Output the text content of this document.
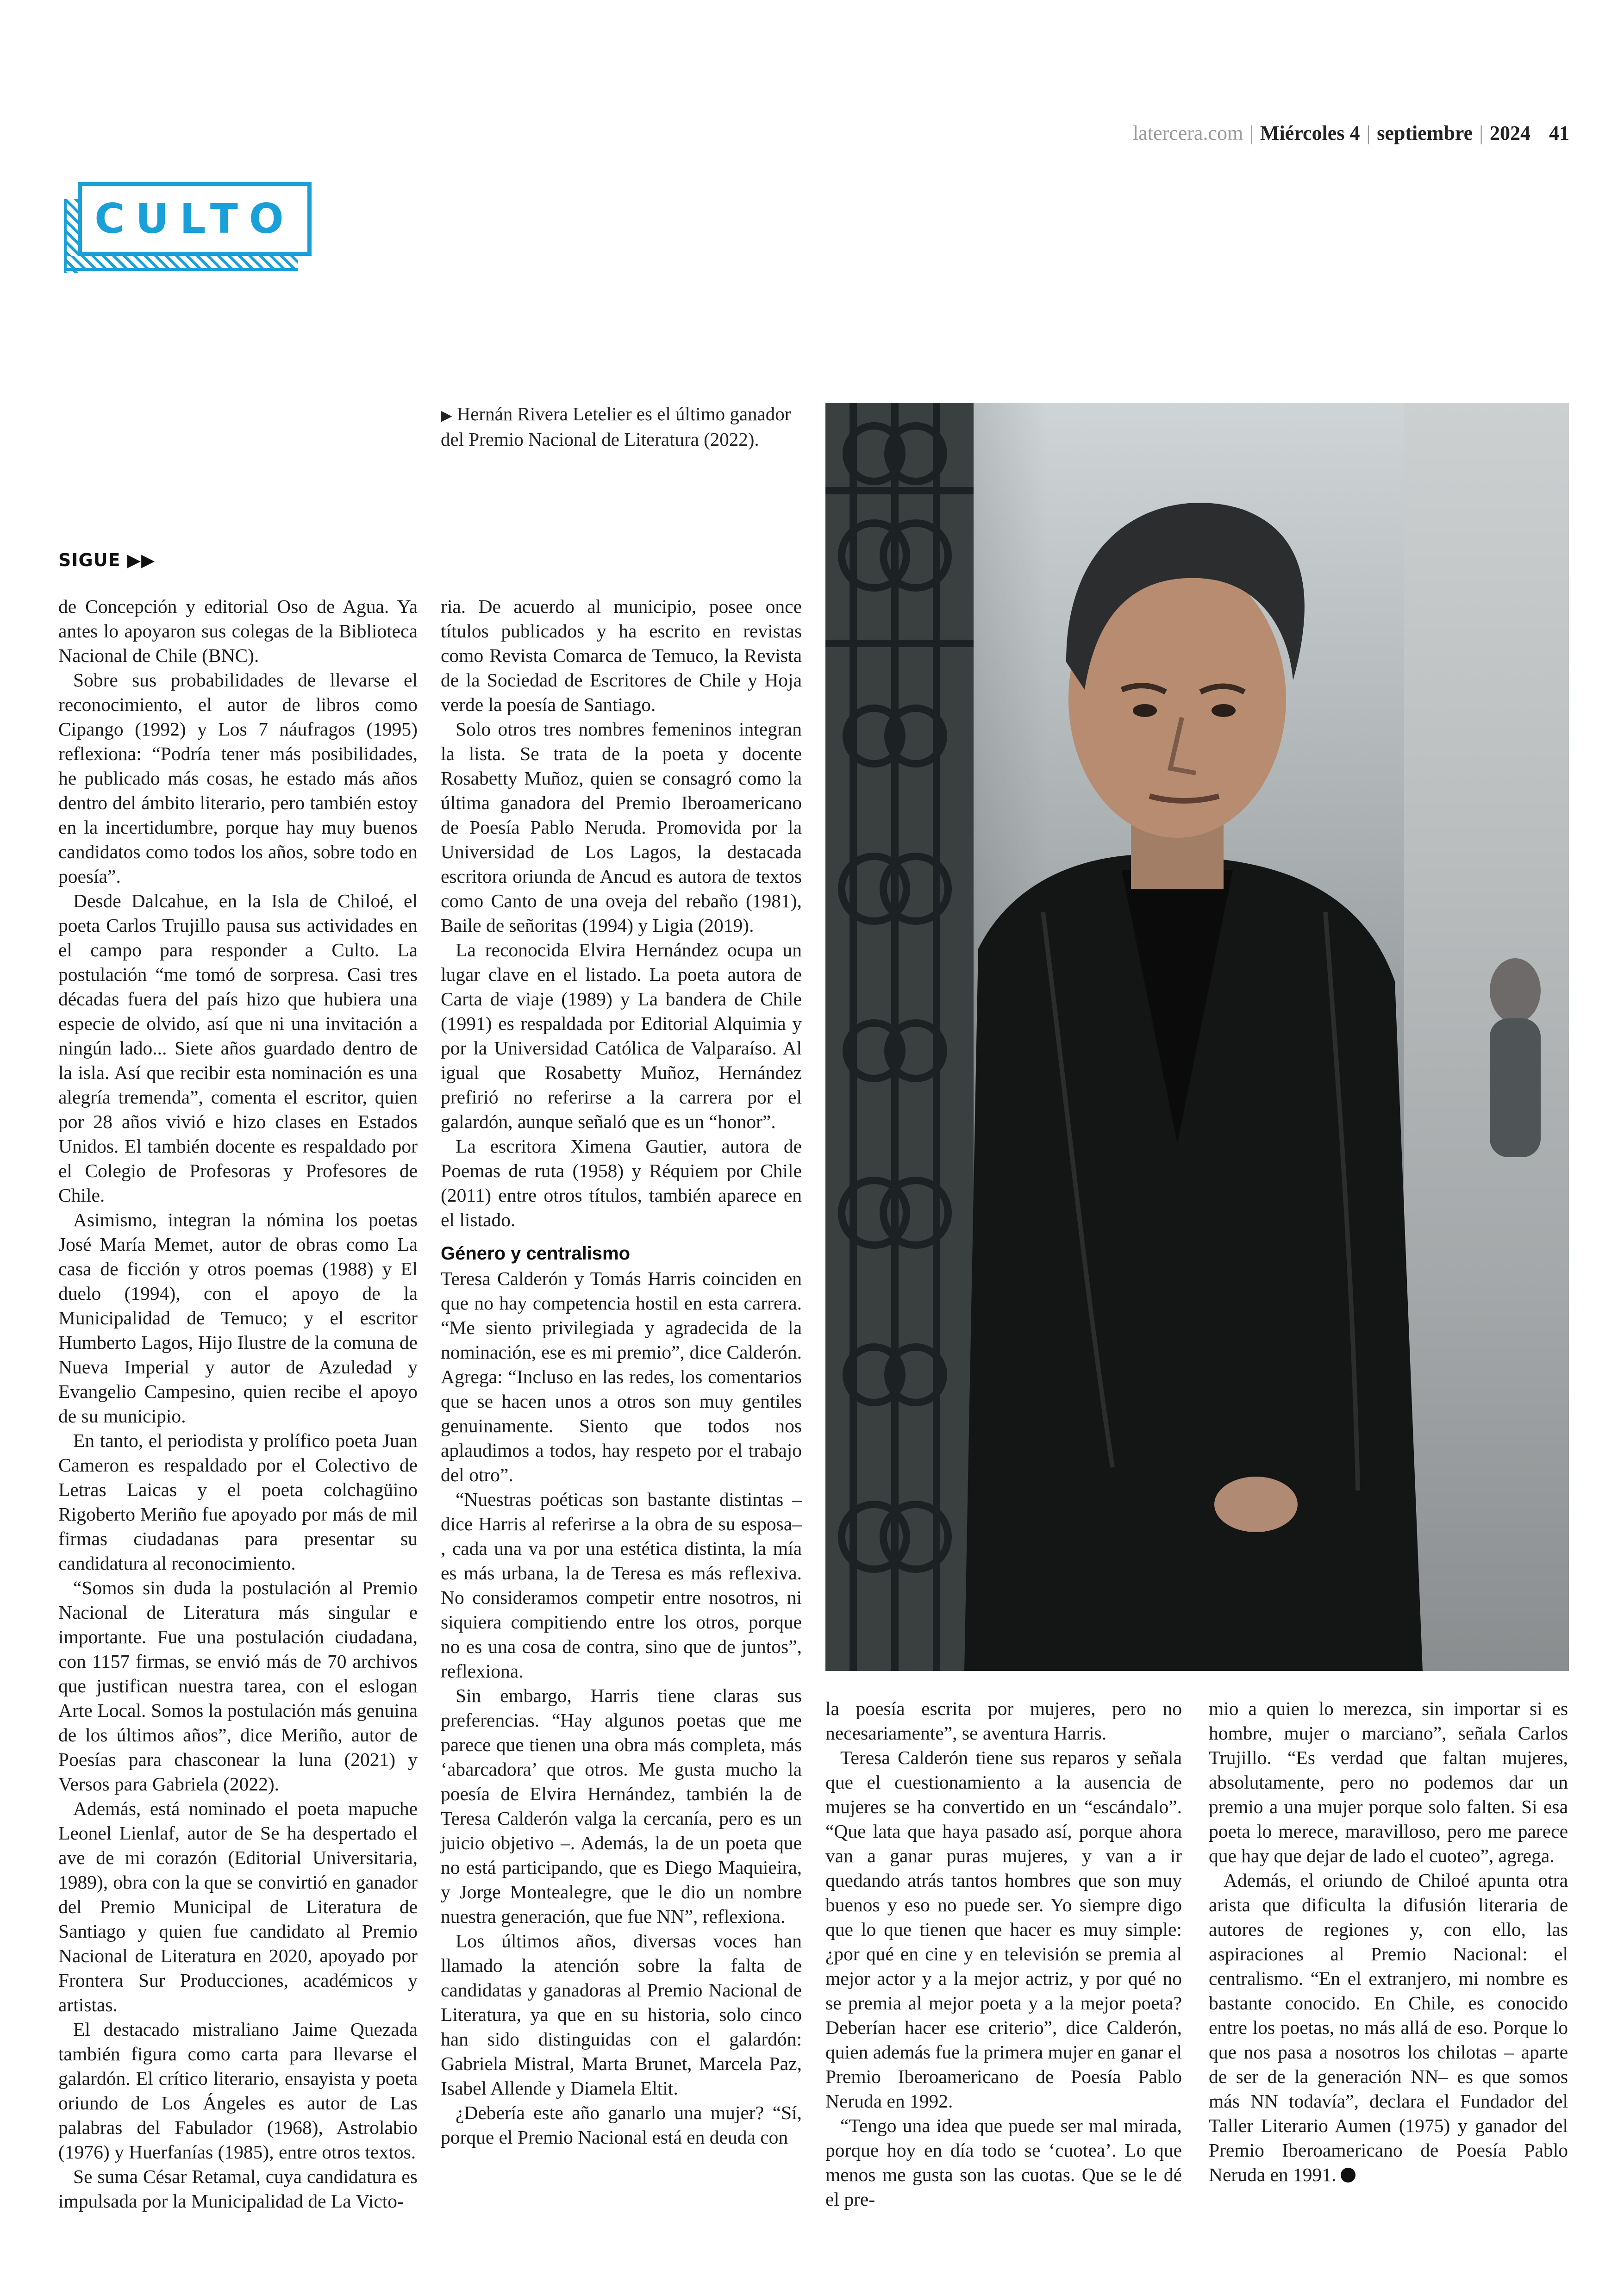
latercera.com | Miércoles 4 | septiembre | 2024 41
CULTO
▶ Hernán Rivera Letelier es el último ganador del Premio Nacional de Literatura (2022).
SIGUE ▶▶

de Concepción y editorial Oso de Agua. Ya antes lo apoyaron sus colegas de la Biblioteca Nacional de Chile (BNC).

Sobre sus probabilidades de llevarse el reconocimiento, el autor de libros como Cipango (1992) y Los 7 náufragos (1995) reflexiona: “Podría tener más posibilidades, he publicado más cosas, he estado más años dentro del ámbito literario, pero también estoy en la incertidumbre, porque hay muy buenos candidatos como todos los años, sobre todo en poesía”.

Desde Dalcahue, en la Isla de Chiloé, el poeta Carlos Trujillo pausa sus actividades en el campo para responder a Culto. La postulación “me tomó de sorpresa. Casi tres décadas fuera del país hizo que hubiera una especie de olvido, así que ni una invitación a ningún lado... Siete años guardado dentro de la isla. Así que recibir esta nominación es una alegría tremenda”, comenta el escritor, quien por 28 años vivió e hizo clases en Estados Unidos. El también docente es respaldado por el Colegio de Profesoras y Profesores de Chile.

Asimismo, integran la nómina los poetas José María Memet, autor de obras como La casa de ficción y otros poemas (1988) y El duelo (1994), con el apoyo de la Municipalidad de Temuco; y el escritor Humberto Lagos, Hijo Ilustre de la comuna de Nueva Imperial y autor de Azuledad y Evangelio Campesino, quien recibe el apoyo de su municipio.

En tanto, el periodista y prolífico poeta Juan Cameron es respaldado por el Colectivo de Letras Laicas y el poeta colchagüino Rigoberto Meriño fue apoyado por más de mil firmas ciudadanas para presentar su candidatura al reconocimiento.

“Somos sin duda la postulación al Premio Nacional de Literatura más singular e importante. Fue una postulación ciudadana, con 1157 firmas, se envió más de 70 archivos que justifican nuestra tarea, con el eslogan Arte Local. Somos la postulación más genuina de los últimos años”, dice Meriño, autor de Poesías para chasconear la luna (2021) y Versos para Gabriela (2022).

Además, está nominado el poeta mapuche Leonel Lienlaf, autor de Se ha despertado el ave de mi corazón (Editorial Universitaria, 1989), obra con la que se convirtió en ganador del Premio Municipal de Literatura de Santiago y quien fue candidato al Premio Nacional de Literatura en 2020, apoyado por Frontera Sur Producciones, académicos y artistas.

El destacado mistraliano Jaime Quezada también figura como carta para llevarse el galardón. El crítico literario, ensayista y poeta oriundo de Los Ángeles es autor de Las palabras del Fabulador (1968), Astrolabio (1976) y Huerfanías (1985), entre otros textos.

Se suma César Retamal, cuya candidatura es impulsada por la Municipalidad de La Victo-

ria. De acuerdo al municipio, posee once títulos publicados y ha escrito en revistas como Revista Comarca de Temuco, la Revista de la Sociedad de Escritores de Chile y Hoja verde la poesía de Santiago.

Solo otros tres nombres femeninos integran la lista. Se trata de la poeta y docente Rosabetty Muñoz, quien se consagró como la última ganadora del Premio Iberoamericano de Poesía Pablo Neruda. Promovida por la Universidad de Los Lagos, la destacada escritora oriunda de Ancud es autora de textos como Canto de una oveja del rebaño (1981), Baile de señoritas (1994) y Ligia (2019).

La reconocida Elvira Hernández ocupa un lugar clave en el listado. La poeta autora de Carta de viaje (1989) y La bandera de Chile (1991) es respaldada por Editorial Alquimia y por la Universidad Católica de Valparaíso. Al igual que Rosabetty Muñoz, Hernández prefirió no referirse a la carrera por el galardón, aunque señaló que es un “honor”.

La escritora Ximena Gautier, autora de Poemas de ruta (1958) y Réquiem por Chile (2011) entre otros títulos, también aparece en el listado.

Género y centralismo

Teresa Calderón y Tomás Harris coinciden en que no hay competencia hostil en esta carrera. “Me siento privilegiada y agradecida de la nominación, ese es mi premio”, dice Calderón. Agrega: “Incluso en las redes, los comentarios que se hacen unos a otros son muy gentiles genuinamente. Siento que todos nos aplaudimos a todos, hay respeto por el trabajo del otro”.

“Nuestras poéticas son bastante distintas –dice Harris al referirse a la obra de su esposa– , cada una va por una estética distinta, la mía es más urbana, la de Teresa es más reflexiva. No consideramos competir entre nosotros, ni siquiera compitiendo entre los otros, porque no es una cosa de contra, sino que de juntos”, reflexiona.

Sin embargo, Harris tiene claras sus preferencias. “Hay algunos poetas que me parece que tienen una obra más completa, más ‘abarcadora’ que otros. Me gusta mucho la poesía de Elvira Hernández, también la de Teresa Calderón valga la cercanía, pero es un juicio objetivo –. Además, la de un poeta que no está participando, que es Diego Maquieira, y Jorge Montealegre, que le dio un nombre nuestra generación, que fue NN”, reflexiona.

Los últimos años, diversas voces han llamado la atención sobre la falta de candidatas y ganadoras al Premio Nacional de Literatura, ya que en su historia, solo cinco han sido distinguidas con el galardón: Gabriela Mistral, Marta Brunet, Marcela Paz, Isabel Allende y Diamela Eltit.

¿Debería este año ganarlo una mujer? “Sí, porque el Premio Nacional está en deuda con

la poesía escrita por mujeres, pero no necesariamente”, se aventura Harris.

Teresa Calderón tiene sus reparos y señala que el cuestionamiento a la ausencia de mujeres se ha convertido en un “escándalo”. “Que lata que haya pasado así, porque ahora van a ganar puras mujeres, y van a ir quedando atrás tantos hombres que son muy buenos y eso no puede ser. Yo siempre digo que lo que tienen que hacer es muy simple: ¿por qué en cine y en televisión se premia al mejor actor y a la mejor actriz, y por qué no se premia al mejor poeta y a la mejor poeta? Deberían hacer ese criterio”, dice Calderón, quien además fue la primera mujer en ganar el Premio Iberoamericano de Poesía Pablo Neruda en 1992.

“Tengo una idea que puede ser mal mirada, porque hoy en día todo se ‘cuotea’. Lo que menos me gusta son las cuotas. Que se le dé el pre-

mio a quien lo merezca, sin importar si es hombre, mujer o marciano”, señala Carlos Trujillo. “Es verdad que faltan mujeres, absolutamente, pero no podemos dar un premio a una mujer porque solo falten. Si esa poeta lo merece, maravilloso, pero me parece que hay que dejar de lado el cuoteo”, agrega.

Además, el oriundo de Chiloé apunta otra arista que dificulta la difusión literaria de autores de regiones y, con ello, las aspiraciones al Premio Nacional: el centralismo. “En el extranjero, mi nombre es bastante conocido. En Chile, es conocido entre los poetas, no más allá de eso. Porque lo que nos pasa a nosotros los chilotas – aparte de ser de la generación NN– es que somos más NN todavía”, declara el Fundador del Taller Literario Aumen (1975) y ganador del Premio Iberoamericano de Poesía Pablo Neruda en 1991.
